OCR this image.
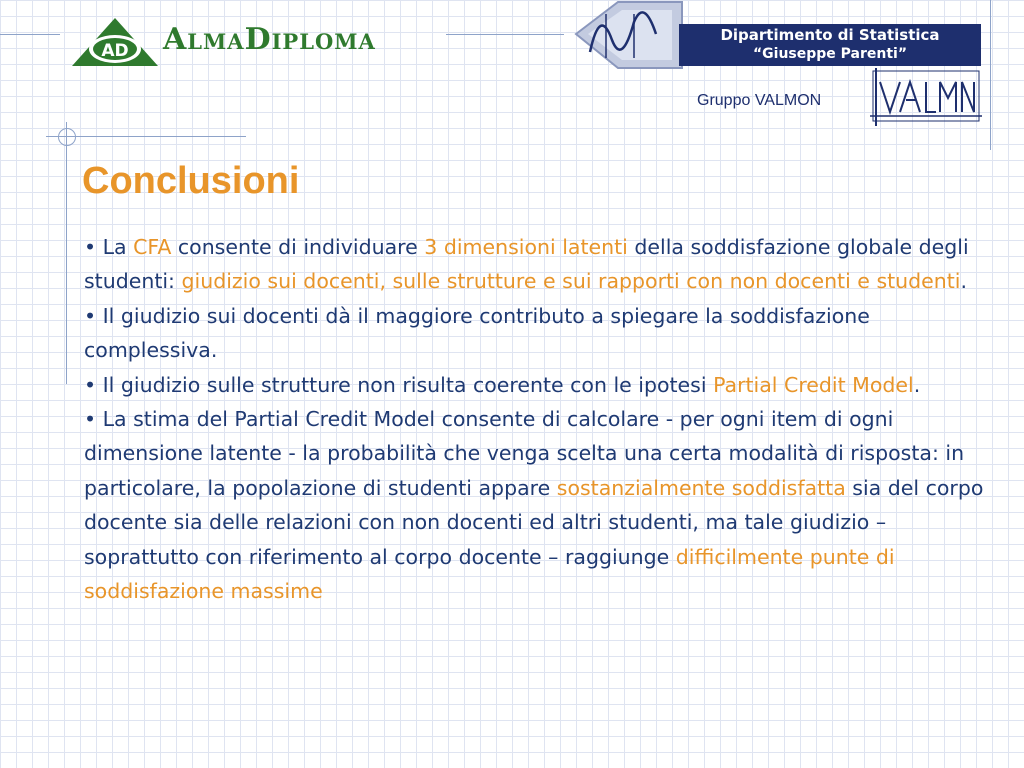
AD AlmaDiploma	Dipartimento di Statistica
“Giuseppe Parenti”
Gruppo VALMON
VALMON
Conclusioni

• La CFA consente di individuare 3 dimensioni latenti della soddisfazione globale degli studenti: giudizio sui docenti, sulle strutture e sui rapporti con non docenti e studenti.

• Il giudizio sui docenti dà il maggiore contributo a spiegare la soddisfazione complessiva.

• Il giudizio sulle strutture non risulta coerente con le ipotesi Partial Credit Model.

• La stima del Partial Credit Model consente di calcolare - per ogni item di ogni dimensione latente - la probabilità che venga scelta una certa modalità di risposta: in particolare, la popolazione di studenti appare sostanzialmente soddisfatta sia del corpo docente sia delle relazioni con non docenti ed altri studenti, ma tale giudizio – soprattutto con riferimento al corpo docente – raggiunge difficilmente punte di soddisfazione massime
